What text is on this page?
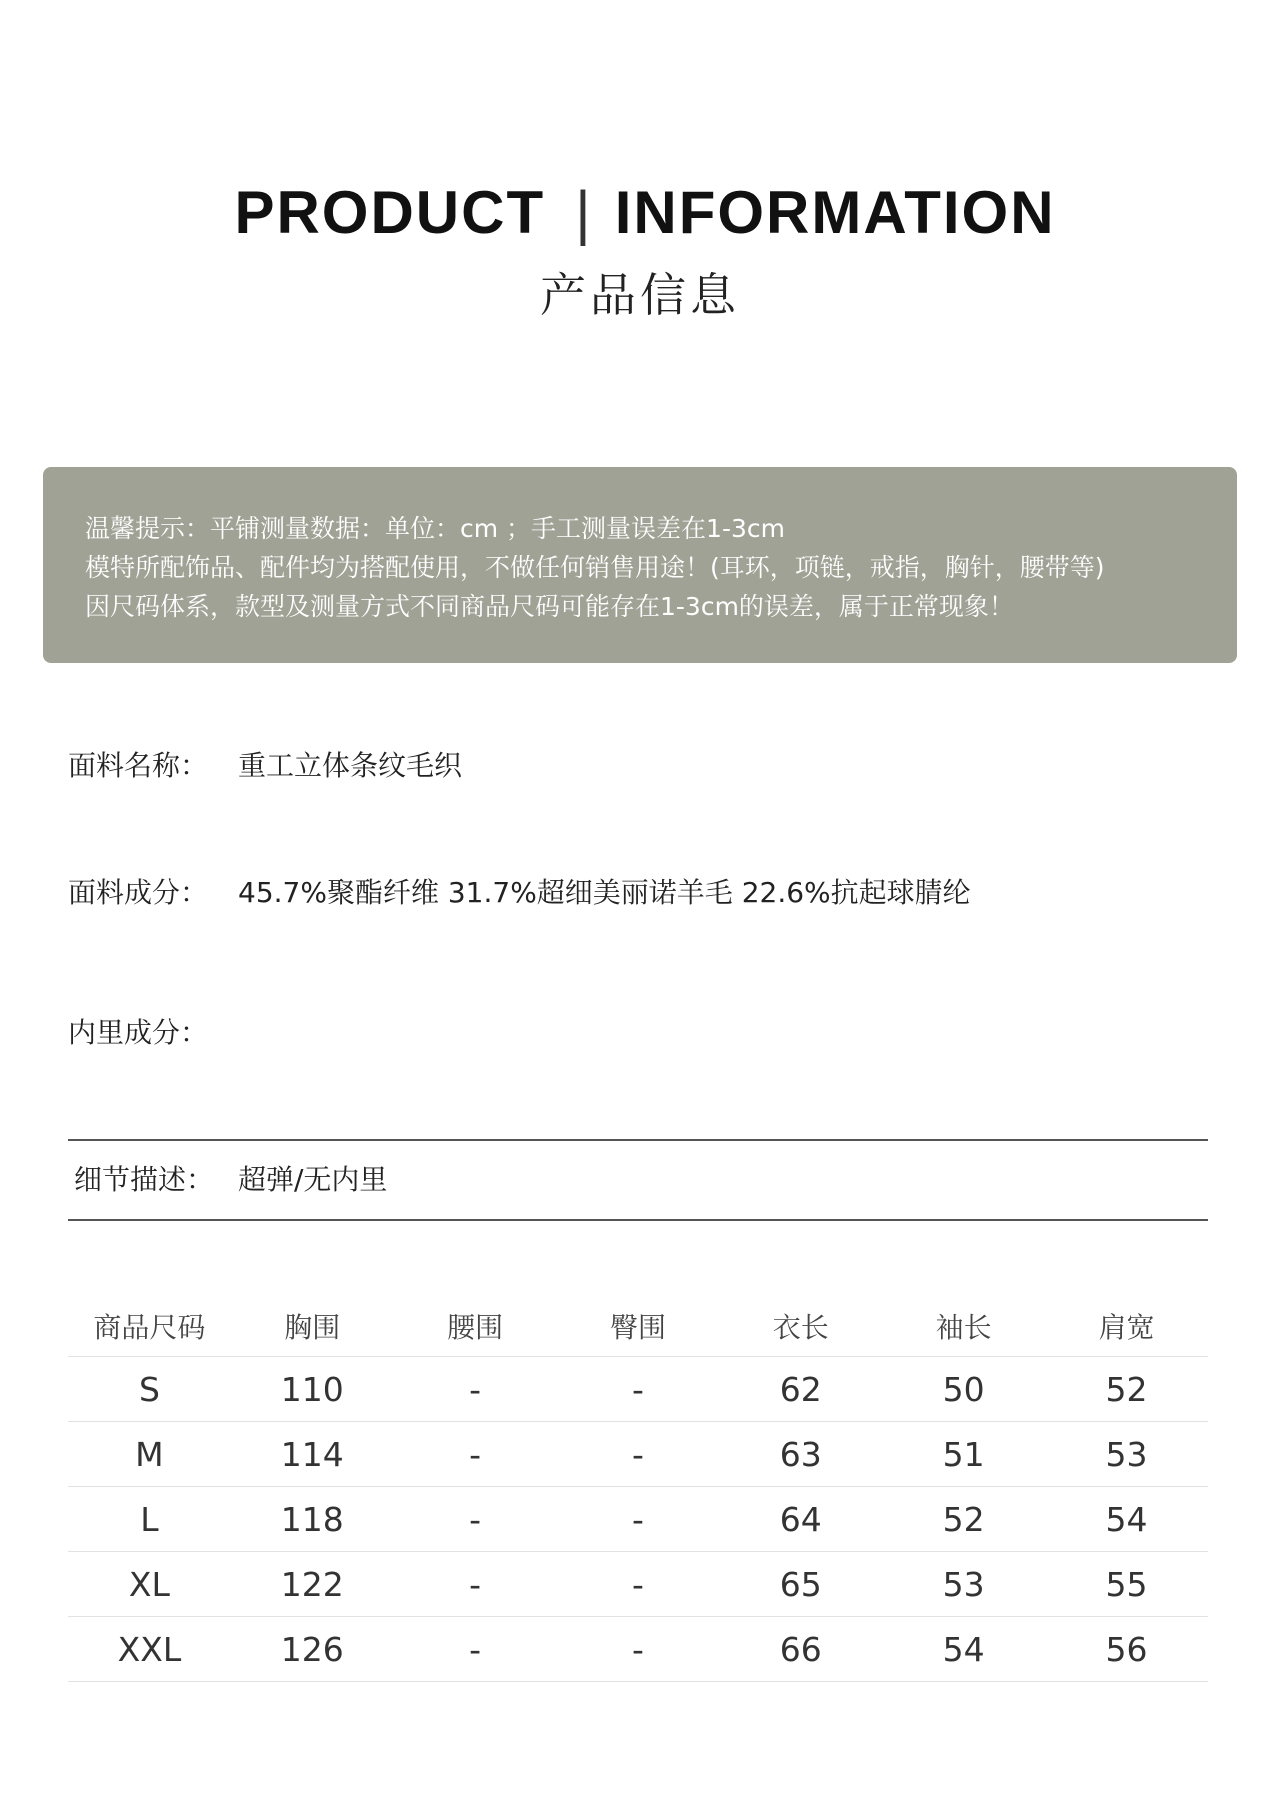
PRODUCT | INFORMATION
产品信息
温馨提示：平铺测量数据：单位：cm ；手工测量误差在1-3cm
模特所配饰品、配件均为搭配使用，不做任何销售用途！(耳环，项链，戒指，胸针，腰带等)
因尺码体系，款型及测量方式不同商品尺码可能存在1-3cm的误差，属于正常现象！
面料名称： 重工立体条纹毛织
面料成分： 45.7%聚酯纤维 31.7%超细美丽诺羊毛 22.6%抗起球腈纶
内里成分：
细节描述： 超弹/无内里
商品尺码	胸围	腰围	臀围	衣长	袖长	肩宽
S	110	-	-	62	50	52
M	114	-	-	63	51	53
L	118	-	-	64	52	54
XL	122	-	-	65	53	55
XXL	126	-	-	66	54	56
